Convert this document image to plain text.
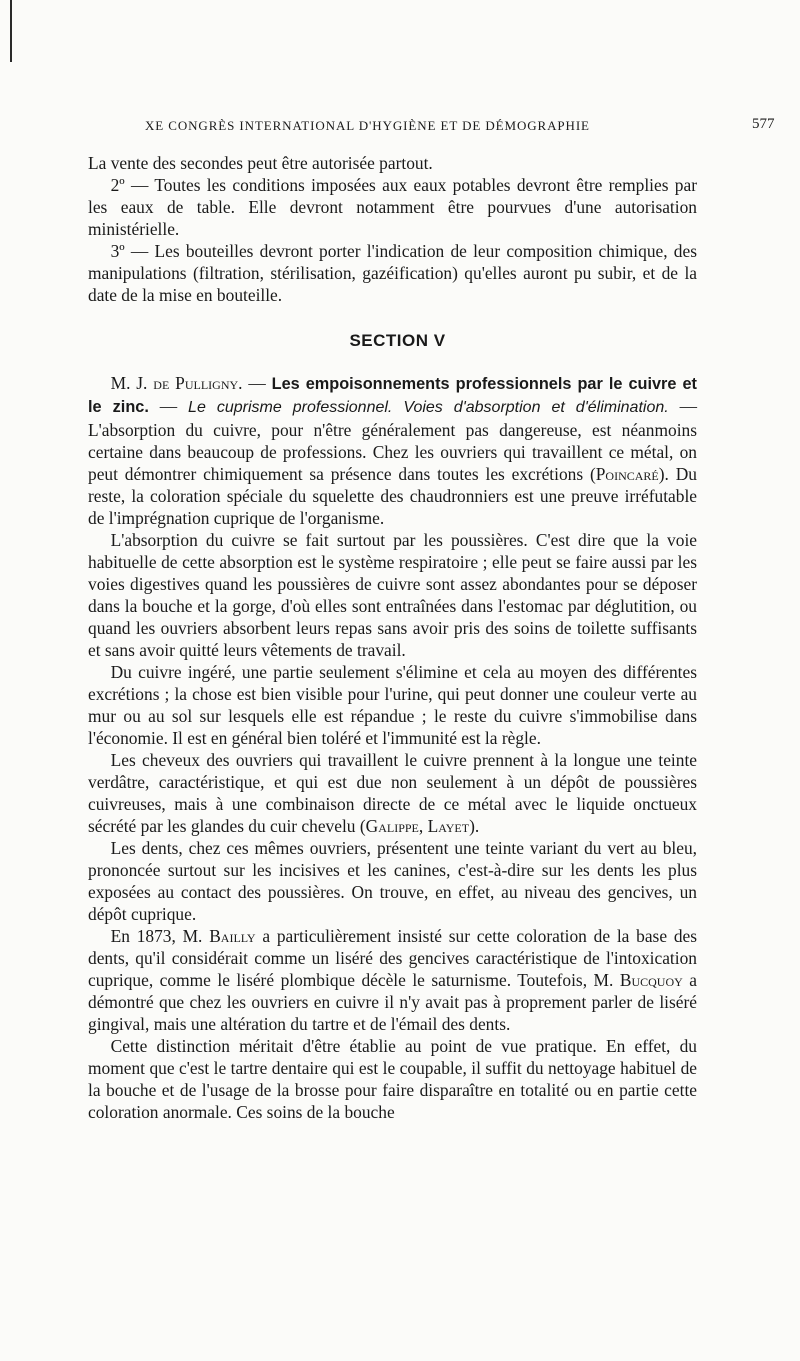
XE CONGRÈS INTERNATIONAL D'HYGIÈNE ET DE DÉMOGRAPHIE	577

La vente des secondes peut être autorisée partout.

2º — Toutes les conditions imposées aux eaux potables devront être remplies par les eaux de table. Elle devront notamment être pourvues d'une autorisation ministérielle.

3º — Les bouteilles devront porter l'indication de leur composition chimique, des manipulations (filtration, stérilisation, gazéification) qu'elles auront pu subir, et de la date de la mise en bouteille.

SECTION V

M. J. de Pulligny. — Les empoisonnements professionnels par le cuivre et le zinc. — Le cuprisme professionnel. Voies d'absorption et d'élimination. — L'absorption du cuivre, pour n'être généralement pas dangereuse, est néanmoins certaine dans beaucoup de professions. Chez les ouvriers qui travaillent ce métal, on peut démontrer chimiquement sa présence dans toutes les excrétions (Poincaré). Du reste, la coloration spéciale du squelette des chaudronniers est une preuve irréfutable de l'imprégnation cuprique de l'organisme.

L'absorption du cuivre se fait surtout par les poussières. C'est dire que la voie habituelle de cette absorption est le système respiratoire ; elle peut se faire aussi par les voies digestives quand les poussières de cuivre sont assez abondantes pour se déposer dans la bouche et la gorge, d'où elles sont entraînées dans l'estomac par déglutition, ou quand les ouvriers absorbent leurs repas sans avoir pris des soins de toilette suffisants et sans avoir quitté leurs vêtements de travail.

Du cuivre ingéré, une partie seulement s'élimine et cela au moyen des différentes excrétions ; la chose est bien visible pour l'urine, qui peut donner une couleur verte au mur ou au sol sur lesquels elle est répandue ; le reste du cuivre s'immobilise dans l'économie. Il est en général bien toléré et l'immunité est la règle.

Les cheveux des ouvriers qui travaillent le cuivre prennent à la longue une teinte verdâtre, caractéristique, et qui est due non seulement à un dépôt de poussières cuivreuses, mais à une combinaison directe de ce métal avec le liquide onctueux sécrété par les glandes du cuir chevelu (Galippe, Layet).

Les dents, chez ces mêmes ouvriers, présentent une teinte variant du vert au bleu, prononcée surtout sur les incisives et les canines, c'est-à-dire sur les dents les plus exposées au contact des poussières. On trouve, en effet, au niveau des gencives, un dépôt cuprique.

En 1873, M. Bailly a particulièrement insisté sur cette coloration de la base des dents, qu'il considérait comme un liséré des gencives caractéristique de l'intoxication cuprique, comme le liséré plombique décèle le saturnisme. Toutefois, M. Bucquoy a démontré que chez les ouvriers en cuivre il n'y avait pas à proprement parler de liséré gingival, mais une altération du tartre et de l'émail des dents.

Cette distinction méritait d'être établie au point de vue pratique. En effet, du moment que c'est le tartre dentaire qui est le coupable, il suffit du nettoyage habituel de la bouche et de l'usage de la brosse pour faire disparaître en totalité ou en partie cette coloration anormale. Ces soins de la bouche
